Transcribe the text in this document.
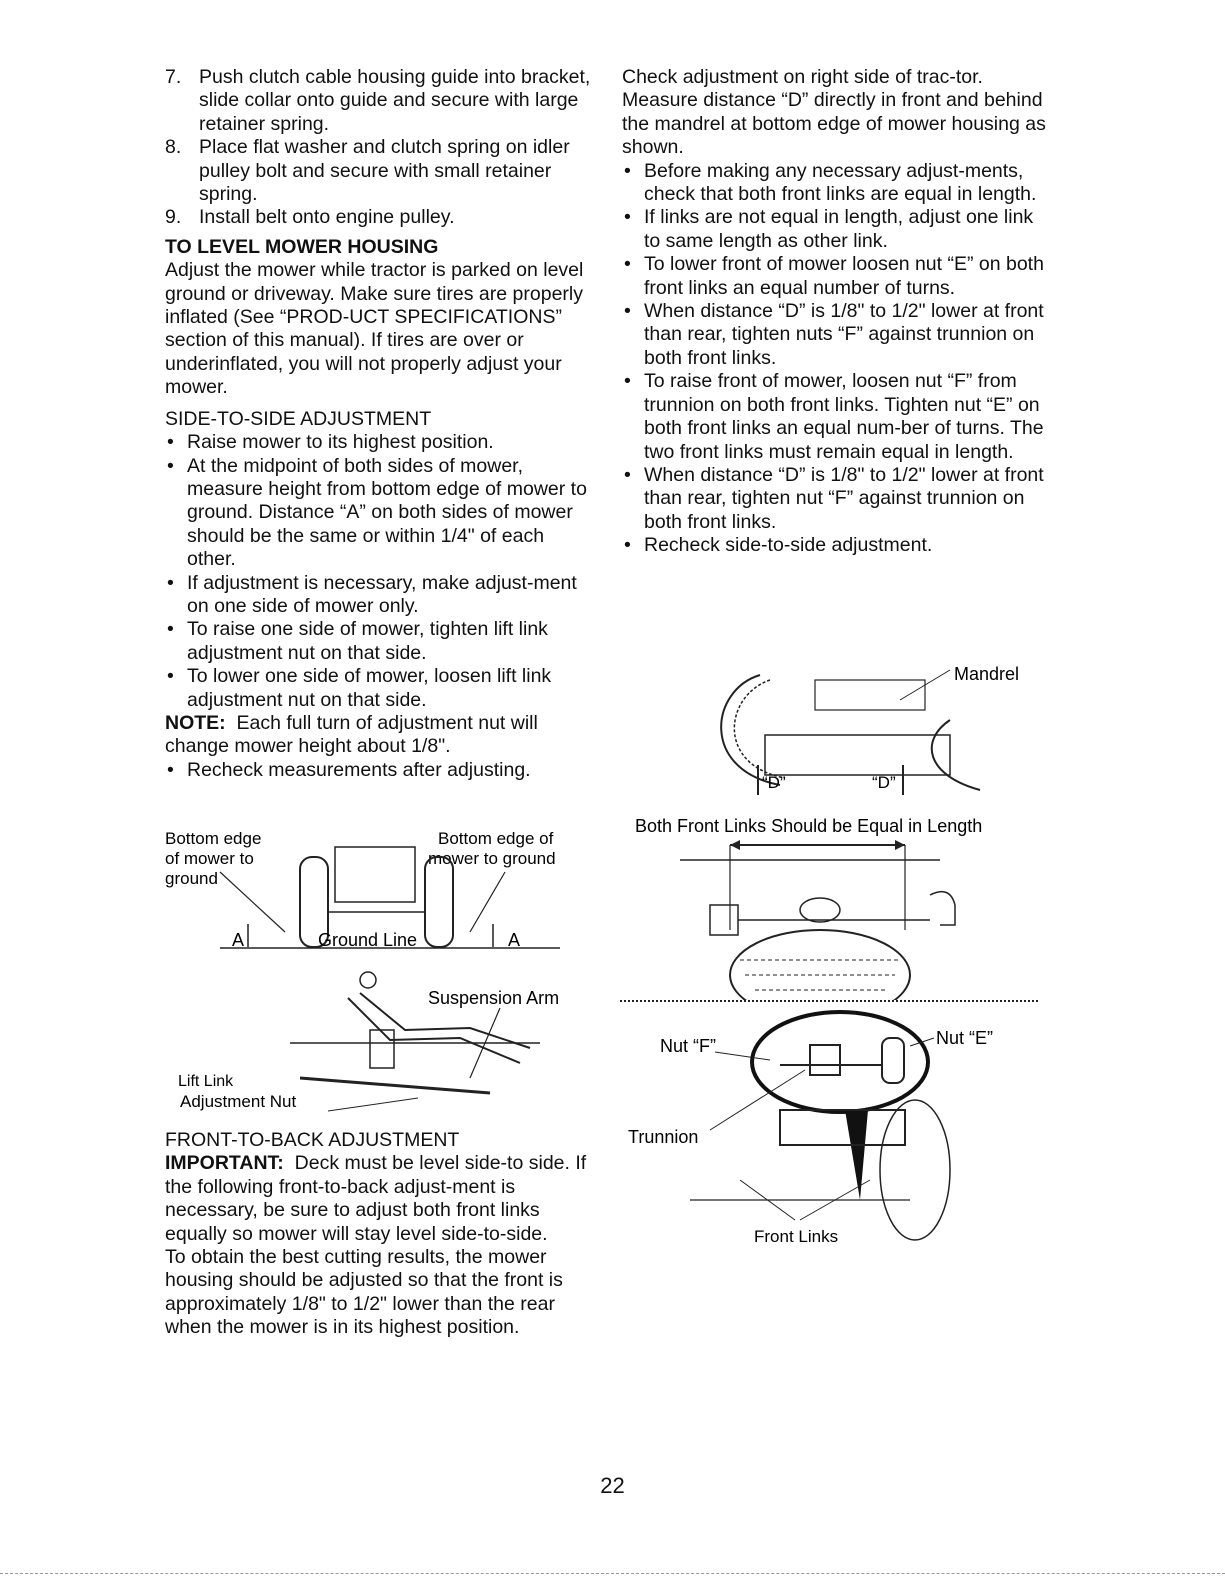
7. Push clutch cable housing guide into bracket, slide collar onto guide and secure with large retainer spring.

8. Place flat washer and clutch spring on idler pulley bolt and secure with small retainer spring.

9. Install belt onto engine pulley.

TO LEVEL MOWER HOUSING

Adjust the mower while tractor is parked on level ground or driveway. Make sure tires are properly inflated (See “PROD-UCT SPECIFICATIONS” section of this manual). If tires are over or underinflated, you will not properly adjust your mower.

SIDE-TO-SIDE ADJUSTMENT

• Raise mower to its highest position.

• At the midpoint of both sides of mower, measure height from bottom edge of mower to ground. Distance “A” on both sides of mower should be the same or within 1/4" of each other.

• If adjustment is necessary, make adjust-ment on one side of mower only.

• To raise one side of mower, tighten lift link adjustment nut on that side.

• To lower one side of mower, loosen lift link adjustment nut on that side.

NOTE: Each full turn of adjustment nut will change mower height about 1/8".

• Recheck measurements after adjusting.

Bottom edge
of mower to
ground
Bottom edge of
mower to ground
A	A
Ground Line
Suspension Arm
Lift Link
Adjustment Nut

FRONT-TO-BACK ADJUSTMENT

IMPORTANT: Deck must be level side-to side. If the following front-to-back adjust-ment is necessary, be sure to adjust both front links equally so mower will stay level side-to-side.

To obtain the best cutting results, the mower housing should be adjusted so that the front is approximately 1/8" to 1/2" lower than the rear when the mower is in its highest position.

Check adjustment on right side of trac-tor. Measure distance “D” directly in front and behind the mandrel at bottom edge of mower housing as shown.

• Before making any necessary adjust-ments, check that both front links are equal in length.

• If links are not equal in length, adjust one link to same length as other link.

• To lower front of mower loosen nut “E” on both front links an equal number of turns.

• When distance “D” is 1/8" to 1/2" lower at front than rear, tighten nuts “F” against trunnion on both front links.

• To raise front of mower, loosen nut “F” from trunnion on both front links. Tighten nut “E” on both front links an equal num-ber of turns. The two front links must remain equal in length.

• When distance “D” is 1/8" to 1/2" lower at front than rear, tighten nut “F” against trunnion on both front links.

• Recheck side-to-side adjustment.

Mandrel
“D”	“D”
Both Front Links Should be Equal in Length
Nut “F”	Nut “E”
Trunnion
Front Links
22
